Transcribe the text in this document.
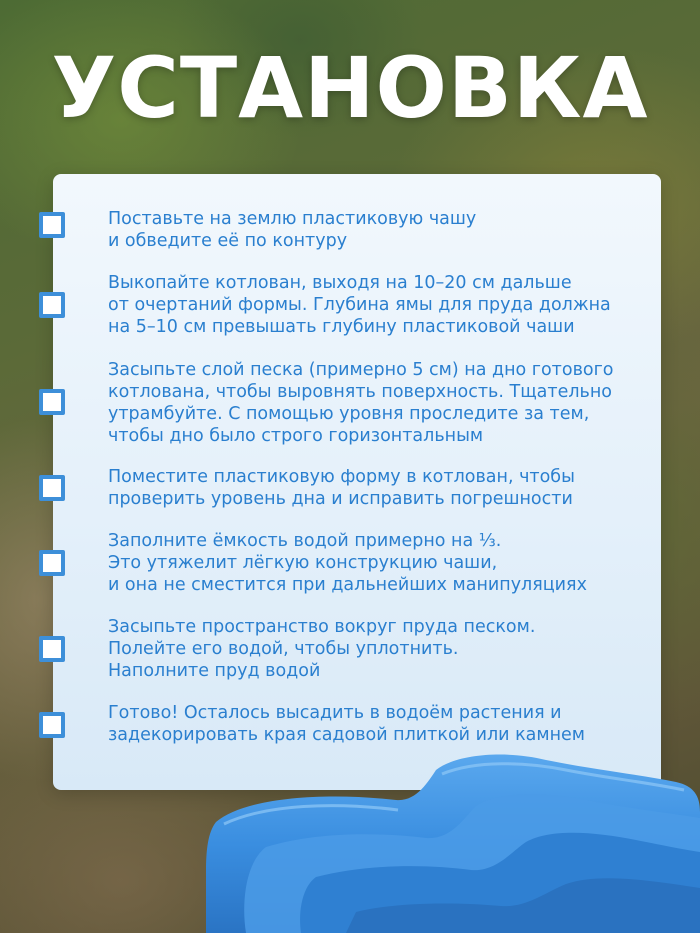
УСТАНОВКА

Поставьте на землю пластиковую чашу
и обведите её по контуру

Выкопайте котлован, выходя на 10–20 см дальше
от очертаний формы. Глубина ямы для пруда должна
на 5–10 см превышать глубину пластиковой чаши

Засыпьте слой песка (примерно 5 см) на дно готового
котлована, чтобы выровнять поверхность. Тщательно
утрамбуйте. С помощью уровня проследите за тем,
чтобы дно было строго горизонтальным

Поместите пластиковую форму в котлован, чтобы
проверить уровень дна и исправить погрешности

Заполните ёмкость водой примерно на ⅓.
Это утяжелит лёгкую конструкцию чаши,
и она не сместится при дальнейших манипуляциях

Засыпьте пространство вокруг пруда песком.
Полейте его водой, чтобы уплотнить.
Наполните пруд водой

Готово! Осталось высадить в водоём растения и
задекорировать края садовой плиткой или камнем
